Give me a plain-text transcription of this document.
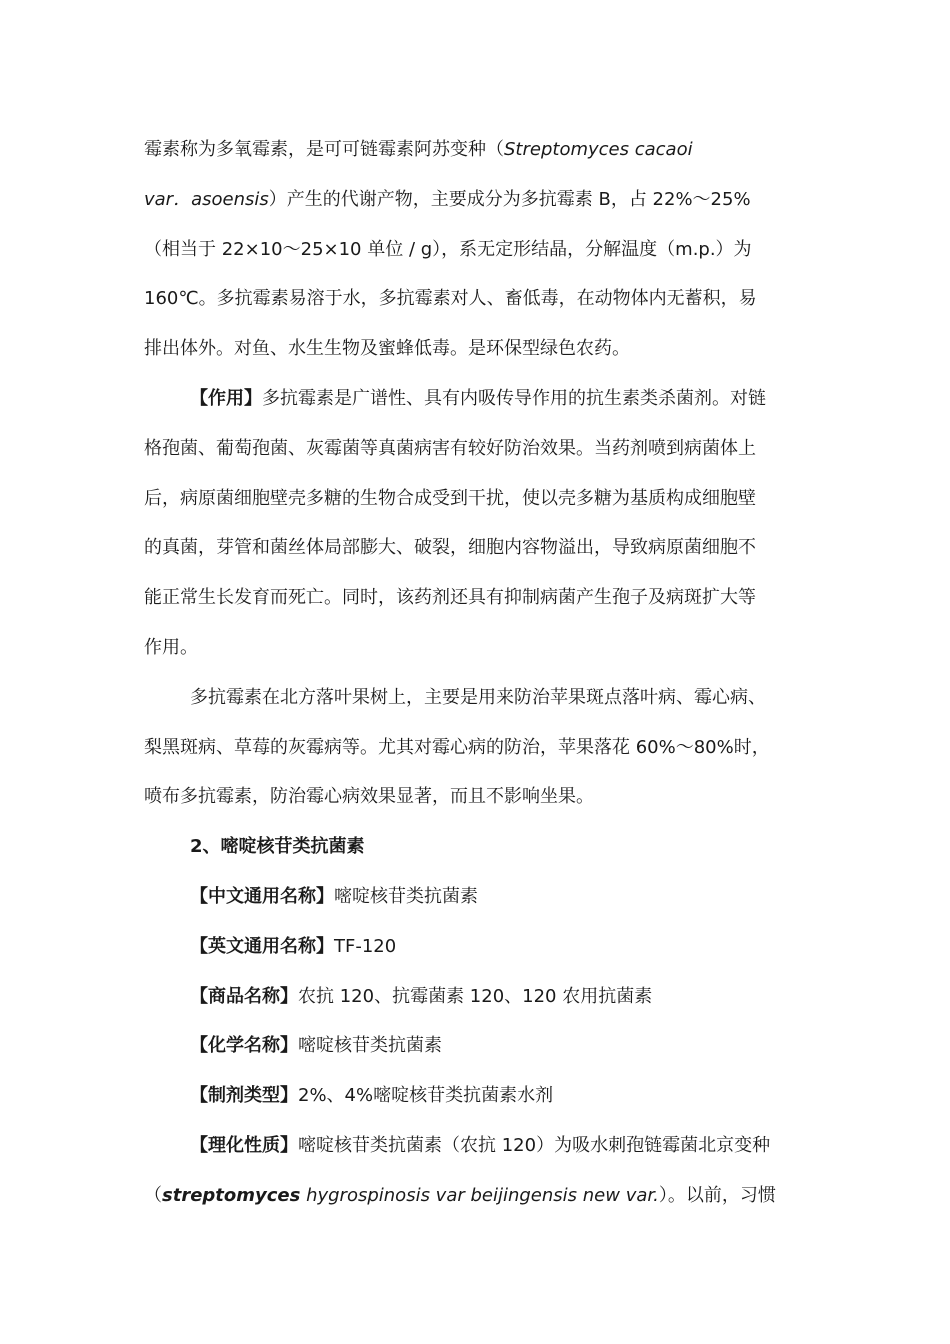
霉素称为多氧霉素，是可可链霉素阿苏变种（Streptomyces cacaoi
var．asoensis）产生的代谢产物，主要成分为多抗霉素 B，占 22%～25%
（相当于 22×10～25×10 单位 / g），系无定形结晶，分解温度（m.p.）为
160℃。多抗霉素易溶于水，多抗霉素对人、畜低毒，在动物体内无蓄积，易
排出体外。对鱼、水生生物及蜜蜂低毒。是环保型绿色农药。
【作用】多抗霉素是广谱性、具有内吸传导作用的抗生素类杀菌剂。对链
格孢菌、葡萄孢菌、灰霉菌等真菌病害有较好防治效果。当药剂喷到病菌体上
后，病原菌细胞壁壳多糖的生物合成受到干扰，使以壳多糖为基质构成细胞壁
的真菌，芽管和菌丝体局部膨大、破裂，细胞内容物溢出，导致病原菌细胞不
能正常生长发育而死亡。同时，该药剂还具有抑制病菌产生孢子及病斑扩大等
作用。
多抗霉素在北方落叶果树上，主要是用来防治苹果斑点落叶病、霉心病、
梨黑斑病、草莓的灰霉病等。尤其对霉心病的防治，苹果落花 60%～80%时，
喷布多抗霉素，防治霉心病效果显著，而且不影响坐果。
2、嘧啶核苷类抗菌素
【中文通用名称】嘧啶核苷类抗菌素
【英文通用名称】TF-120
【商品名称】农抗 120、抗霉菌素 120、120 农用抗菌素
【化学名称】嘧啶核苷类抗菌素
【制剂类型】2%、4%嘧啶核苷类抗菌素水剂
【理化性质】嘧啶核苷类抗菌素（农抗 120）为吸水刺孢链霉菌北京变种
（streptomyces hygrospinosis var beijingensis new var.）。以前，习惯
